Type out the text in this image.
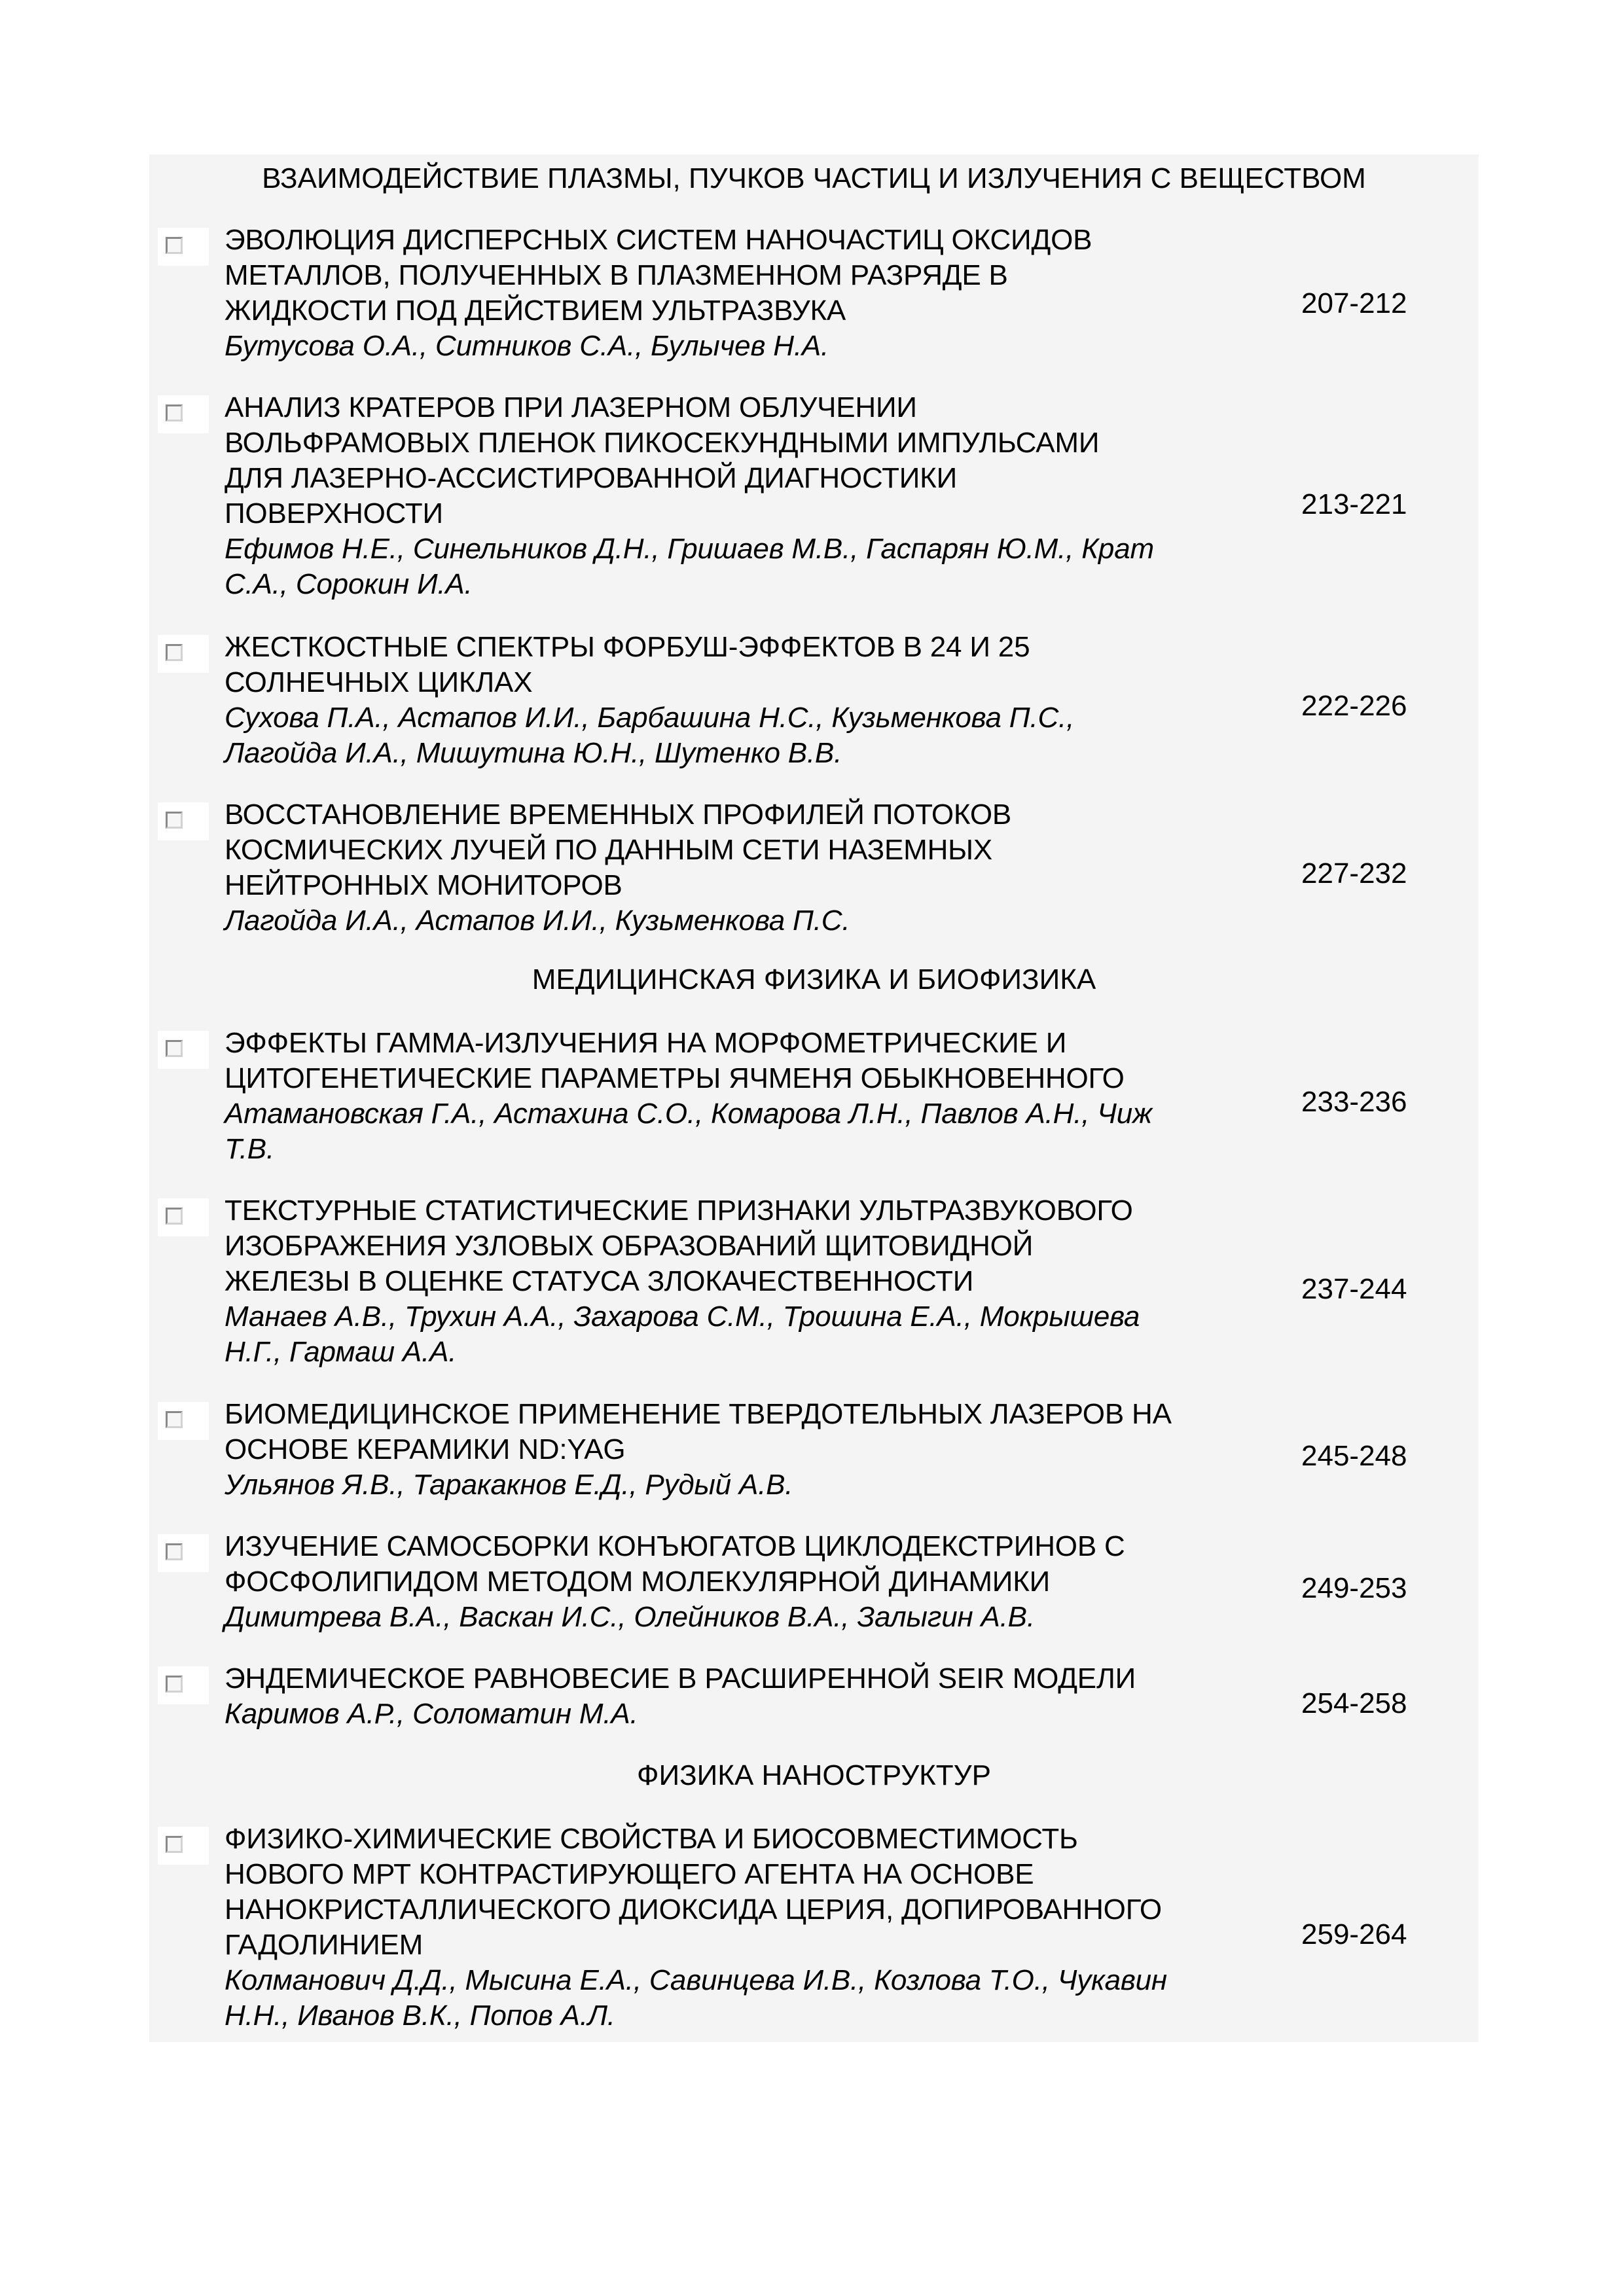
ВЗАИМОДЕЙСТВИЕ ПЛАЗМЫ, ПУЧКОВ ЧАСТИЦ И ИЗЛУЧЕНИЯ С ВЕЩЕСТВОМ
ЭВОЛЮЦИЯ ДИСПЕРСНЫХ СИСТЕМ НАНОЧАСТИЦ ОКСИДОВ
МЕТАЛЛОВ, ПОЛУЧЕННЫХ В ПЛАЗМЕННОМ РАЗРЯДЕ В
ЖИДКОСТИ ПОД ДЕЙСТВИЕМ УЛЬТРАЗВУКА
Бутусова О.А., Ситников С.А., Булычев Н.А.
207-212
АНАЛИЗ КРАТЕРОВ ПРИ ЛАЗЕРНОМ ОБЛУЧЕНИИ
ВОЛЬФРАМОВЫХ ПЛЕНОК ПИКОСЕКУНДНЫМИ ИМПУЛЬСАМИ
ДЛЯ ЛАЗЕРНО-АССИСТИРОВАННОЙ ДИАГНОСТИКИ
ПОВЕРХНОСТИ
Ефимов Н.Е., Синельников Д.Н., Гришаев М.В., Гаспарян Ю.М., Крат
С.А., Сорокин И.А.
213-221
ЖЕСТКОСТНЫЕ СПЕКТРЫ ФОРБУШ-ЭФФЕКТОВ В 24 И 25
СОЛНЕЧНЫХ ЦИКЛАХ
Сухова П.А., Астапов И.И., Барбашина Н.С., Кузьменкова П.С.,
Лагойда И.А., Мишутина Ю.Н., Шутенко В.В.
222-226
ВОССТАНОВЛЕНИЕ ВРЕМЕННЫХ ПРОФИЛЕЙ ПОТОКОВ
КОСМИЧЕСКИХ ЛУЧЕЙ ПО ДАННЫМ СЕТИ НАЗЕМНЫХ
НЕЙТРОННЫХ МОНИТОРОВ
Лагойда И.А., Астапов И.И., Кузьменкова П.С.
227-232
МЕДИЦИНСКАЯ ФИЗИКА И БИОФИЗИКА
ЭФФЕКТЫ ГАММА-ИЗЛУЧЕНИЯ НА МОРФОМЕТРИЧЕСКИЕ И
ЦИТОГЕНЕТИЧЕСКИЕ ПАРАМЕТРЫ ЯЧМЕНЯ ОБЫКНОВЕННОГО
Атамановская Г.А., Астахина С.О., Комарова Л.Н., Павлов А.Н., Чиж
Т.В.
233-236
ТЕКСТУРНЫЕ СТАТИСТИЧЕСКИЕ ПРИЗНАКИ УЛЬТРАЗВУКОВОГО
ИЗОБРАЖЕНИЯ УЗЛОВЫХ ОБРАЗОВАНИЙ ЩИТОВИДНОЙ
ЖЕЛЕЗЫ В ОЦЕНКЕ СТАТУСА ЗЛОКАЧЕСТВЕННОСТИ
Манаев А.В., Трухин А.А., Захарова С.М., Трошина Е.А., Мокрышева
Н.Г., Гармаш А.А.
237-244
БИОМЕДИЦИНСКОЕ ПРИМЕНЕНИЕ ТВЕРДОТЕЛЬНЫХ ЛАЗЕРОВ НА
ОСНОВЕ КЕРАМИКИ ND:YAG
Ульянов Я.В., Таракакнов Е.Д., Рудый А.В.
245-248
ИЗУЧЕНИЕ САМОСБОРКИ КОНЪЮГАТОВ ЦИКЛОДЕКСТРИНОВ С
ФОСФОЛИПИДОМ МЕТОДОМ МОЛЕКУЛЯРНОЙ ДИНАМИКИ
Димитрева В.А., Васкан И.С., Олейников В.А., Залыгин А.В.
249-253
ЭНДЕМИЧЕСКОЕ РАВНОВЕСИЕ В РАСШИРЕННОЙ SEIR МОДЕЛИ
Каримов А.Р., Соломатин М.А.	254-258
ФИЗИКА НАНОСТРУКТУР
ФИЗИКО-ХИМИЧЕСКИЕ СВОЙСТВА И БИОСОВМЕСТИМОСТЬ
НОВОГО МРТ КОНТРАСТИРУЮЩЕГО АГЕНТА НА ОСНОВЕ
НАНОКРИСТАЛЛИЧЕСКОГО ДИОКСИДА ЦЕРИЯ, ДОПИРОВАННОГО
ГАДОЛИНИЕМ
Колманович Д.Д., Мысина Е.А., Савинцева И.В., Козлова Т.О., Чукавин
Н.Н., Иванов В.К., Попов А.Л.
259-264
